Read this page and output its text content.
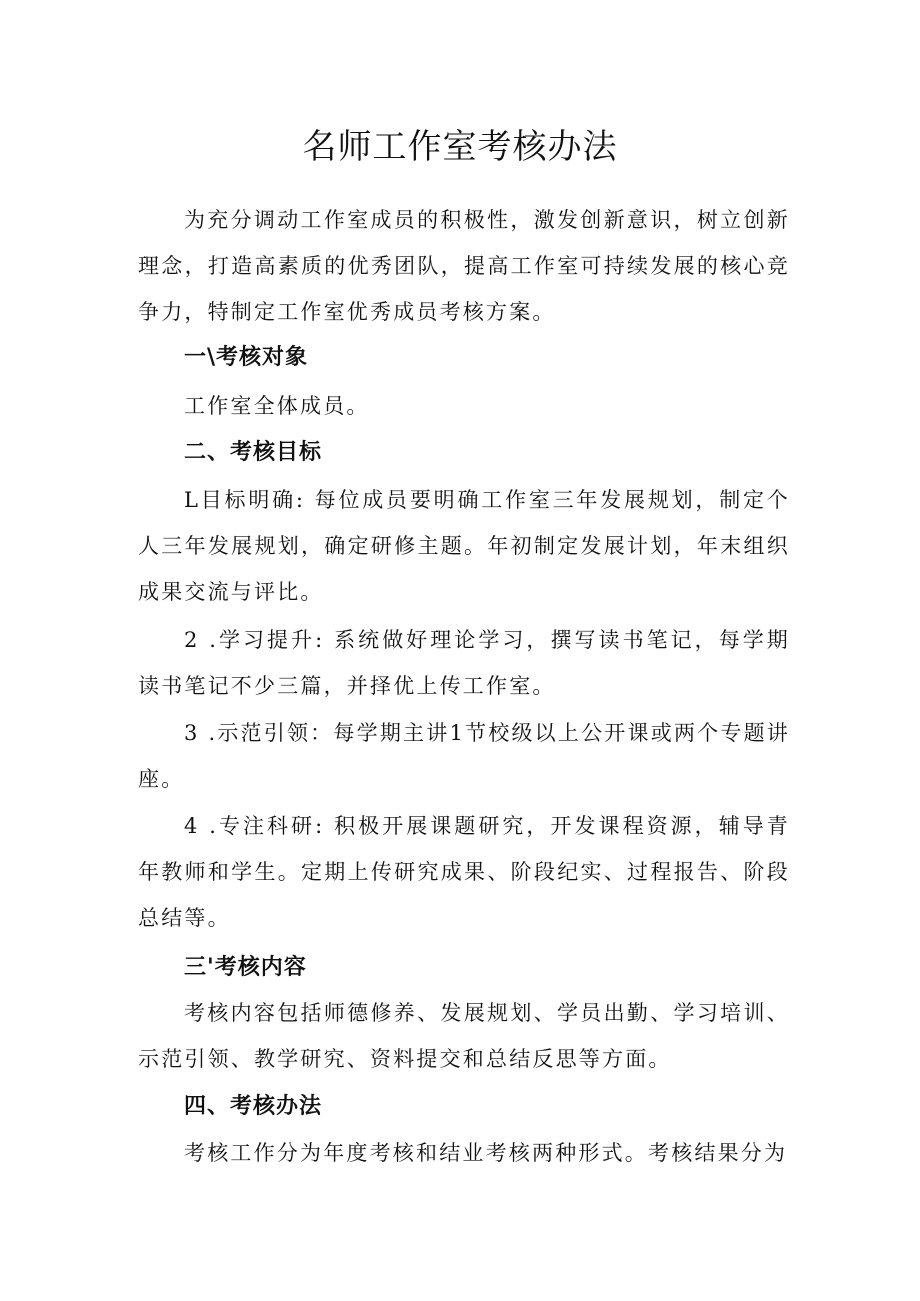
名师工作室考核办法

为充分调动工作室成员的积极性，激发创新意识，树立创新理念，打造高素质的优秀团队，提高工作室可持续发展的核心竞争力，特制定工作室优秀成员考核方案。

一\考核对象

工作室全体成员。

二、考核目标

L目标明确: 每位成员要明确工作室三年发展规划，制定个人三年发展规划，确定研修主题。年初制定发展计划，年末组织成果交流与评比。

2 .学习提升: 系统做好理论学习，撰写读书笔记，每学期读书笔记不少三篇，并择优上传工作室。

3 .示范引领：每学期主讲1节校级以上公开课或两个专题讲座。

4 .专注科研: 积极开展课题研究，开发课程资源，辅导青年教师和学生。定期上传研究成果、阶段纪实、过程报告、阶段总结等。

三'考核内容

考核内容包括师德修养、发展规划、学员出勤、学习培训、示范引领、教学研究、资料提交和总结反思等方面。

四、考核办法

考核工作分为年度考核和结业考核两种形式。考核结果分为
